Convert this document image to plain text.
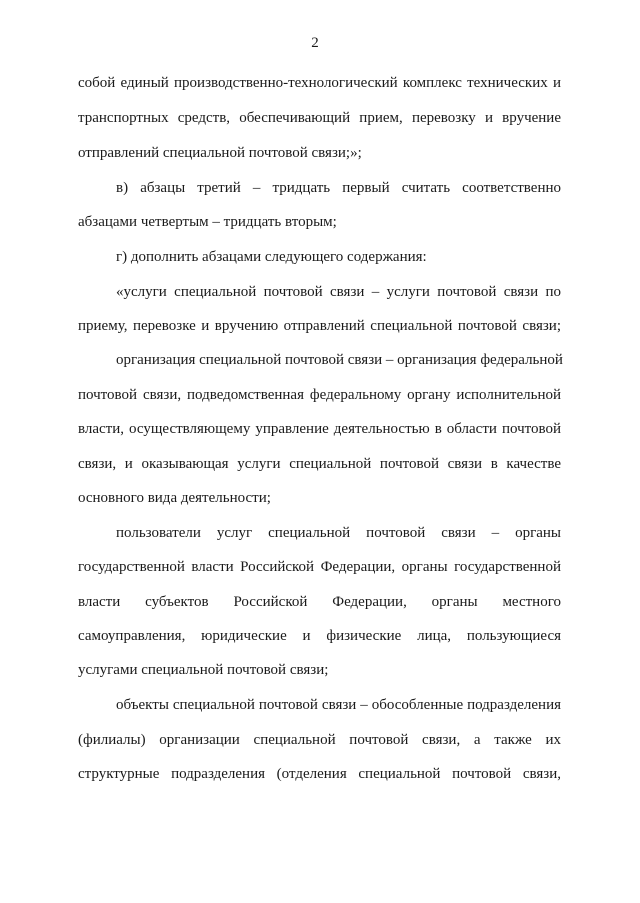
2
собой единый производственно-технологический комплекс технических и
транспортных средств, обеспечивающий прием, перевозку и вручение
отправлений специальной почтовой связи;»;
в) абзацы третий – тридцать первый считать соответственно
абзацами четвертым – тридцать вторым;
г) дополнить абзацами следующего содержания:
«услуги специальной почтовой связи – услуги почтовой связи по
приему, перевозке и вручению отправлений специальной почтовой связи;
организация специальной почтовой связи – организация федеральной
почтовой связи, подведомственная федеральному органу исполнительной
власти, осуществляющему управление деятельностью в области почтовой
связи, и оказывающая услуги специальной почтовой связи в качестве
основного вида деятельности;
пользователи услуг специальной почтовой связи – органы
государственной власти Российской Федерации, органы государственной
власти субъектов Российской Федерации, органы местного
самоуправления, юридические и физические лица, пользующиеся
услугами специальной почтовой связи;
объекты специальной почтовой связи – обособленные подразделения
(филиалы) организации специальной почтовой связи, а также их
структурные подразделения (отделения специальной почтовой связи,
